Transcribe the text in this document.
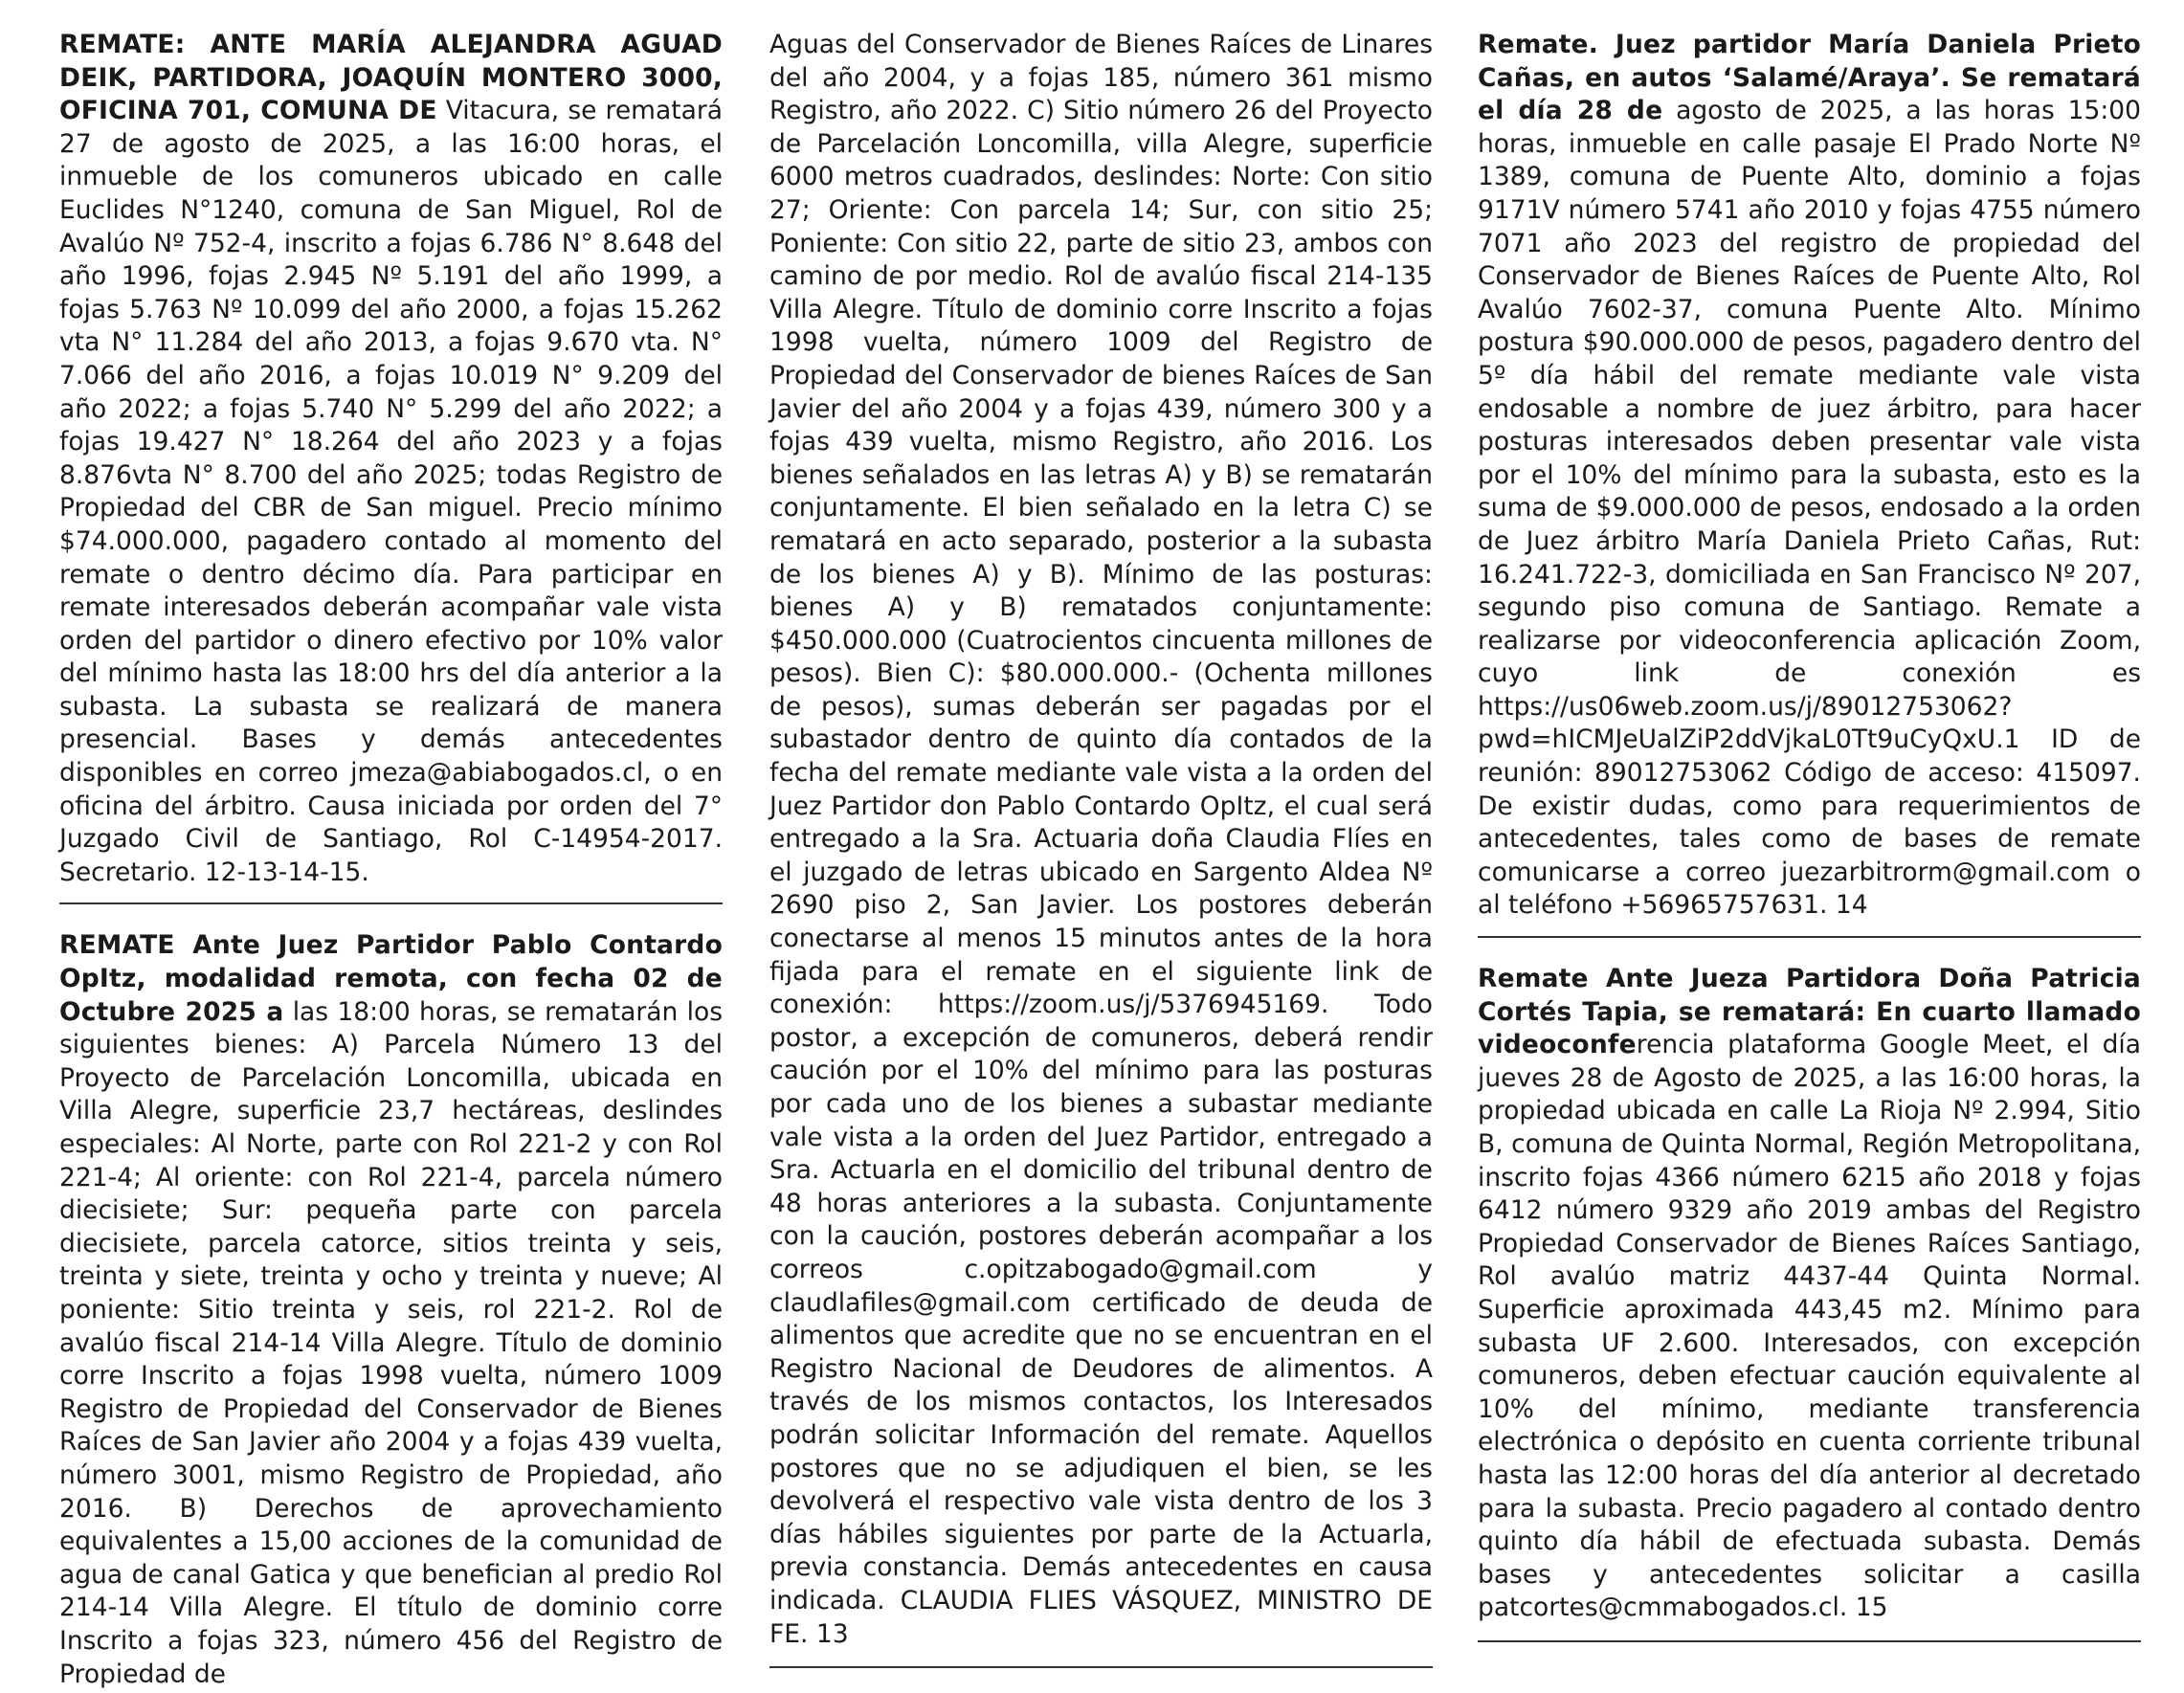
REMATE: ANTE MARÍA ALEJANDRA AGUAD DEIK, PARTIDORA, JOAQUÍN MONTERO 3000, OFICINA 701, COMUNA DE Vitacura, se rematará 27 de agosto de 2025, a las 16:00 horas, el inmueble de los comuneros ubicado en calle Euclides N°1240, comuna de San Miguel, Rol de Avalúo Nº 752-4, inscrito a fojas 6.786 N° 8.648 del año 1996, fojas 2.945 Nº 5.191 del año 1999, a fojas 5.763 Nº 10.099 del año 2000, a fojas 15.262 vta N° 11.284 del año 2013, a fojas 9.670 vta. N° 7.066 del año 2016, a fojas 10.019 N° 9.209 del año 2022; a fojas 5.740 N° 5.299 del año 2022; a fojas 19.427 N° 18.264 del año 2023 y a fojas 8.876vta N° 8.700 del año 2025; todas Registro de Propiedad del CBR de San miguel. Precio mínimo $74.000.000, pagadero contado al momento del remate o dentro décimo día. Para participar en remate interesados deberán acompañar vale vista orden del partidor o dinero efectivo por 10% valor del mínimo hasta las 18:00 hrs del día anterior a la subasta. La subasta se realizará de manera presencial. Bases y demás antecedentes disponibles en correo jmeza@abiabogados.cl, o en oficina del árbitro. Causa iniciada por orden del 7° Juzgado Civil de Santiago, Rol C-14954-2017. Secretario. 12-13-14-15.

REMATE Ante Juez Partidor Pablo Contardo OpItz, modalidad remota, con fecha 02 de Octubre 2025 a las 18:00 horas, se rematarán los siguientes bienes: A) Parcela Número 13 del Proyecto de Parcelación Loncomilla, ubicada en Villa Alegre, superficie 23,7 hectáreas, deslindes especiales: Al Norte, parte con Rol 221-2 y con Rol 221-4; Al oriente: con Rol 221-4, parcela número diecisiete; Sur: pequeña parte con parcela diecisiete, parcela catorce, sitios treinta y seis, treinta y siete, treinta y ocho y treinta y nueve; Al poniente: Sitio treinta y seis, rol 221-2. Rol de avalúo fiscal 214-14 Villa Alegre. Título de dominio corre Inscrito a fojas 1998 vuelta, número 1009 Registro de Propiedad del Conservador de Bienes Raíces de San Javier año 2004 y a fojas 439 vuelta, número 3001, mismo Registro de Propiedad, año 2016. B) Derechos de aprovechamiento equivalentes a 15,00 acciones de la comunidad de agua de canal Gatica y que benefician al predio Rol 214-14 Villa Alegre. El título de dominio corre Inscrito a fojas 323, número 456 del Registro de Propiedad de

Aguas del Conservador de Bienes Raíces de Linares del año 2004, y a fojas 185, número 361 mismo Registro, año 2022. C) Sitio número 26 del Proyecto de Parcelación Loncomilla, villa Alegre, superficie 6000 metros cuadrados, deslindes: Norte: Con sitio 27; Oriente: Con parcela 14; Sur, con sitio 25; Poniente: Con sitio 22, parte de sitio 23, ambos con camino de por medio. Rol de avalúo fiscal 214-135 Villa Alegre. Título de dominio corre Inscrito a fojas 1998 vuelta, número 1009 del Registro de Propiedad del Conservador de bienes Raíces de San Javier del año 2004 y a fojas 439, número 300 y a fojas 439 vuelta, mismo Registro, año 2016. Los bienes señalados en las letras A) y B) se rematarán conjuntamente. El bien señalado en la letra C) se rematará en acto separado, posterior a la subasta de los bienes A) y B). Mínimo de las posturas: bienes A) y B) rematados conjuntamente: $450.000.000 (Cuatrocientos cincuenta millones de pesos). Bien C): $80.000.000.- (Ochenta millones de pesos), sumas deberán ser pagadas por el subastador dentro de quinto día contados de la fecha del remate mediante vale vista a la orden del Juez Partidor don Pablo Contardo OpItz, el cual será entregado a la Sra. Actuaria doña Claudia Flíes en el juzgado de letras ubicado en Sargento Aldea Nº 2690 piso 2, San Javier. Los postores deberán conectarse al menos 15 minutos antes de la hora fijada para el remate en el siguiente link de conexión: https://zoom.us/j/5376945169. Todo postor, a excepción de comuneros, deberá rendir caución por el 10% del mínimo para las posturas por cada uno de los bienes a subastar mediante vale vista a la orden del Juez Partidor, entregado a Sra. Actuarla en el domicilio del tribunal dentro de 48 horas anteriores a la subasta. Conjuntamente con la caución, postores deberán acompañar a los correos c.opitzabogado@gmail.com y claudlafiles@gmail.com certificado de deuda de alimentos que acredite que no se encuentran en el Registro Nacional de Deudores de alimentos. A través de los mismos contactos, los Interesados podrán solicitar Información del remate. Aquellos postores que no se adjudiquen el bien, se les devolverá el respectivo vale vista dentro de los 3 días hábiles siguientes por parte de la Actuarla, previa constancia. Demás antecedentes en causa indicada. CLAUDIA FLIES VÁSQUEZ, MINISTRO DE FE. 13

Remate. Juez partidor María Daniela Prieto Cañas, en autos ‘Salamé/Araya’. Se rematará el día 28 de agosto de 2025, a las horas 15:00 horas, inmueble en calle pasaje El Prado Norte Nº 1389, comuna de Puente Alto, dominio a fojas 9171V número 5741 año 2010 y fojas 4755 número 7071 año 2023 del registro de propiedad del Conservador de Bienes Raíces de Puente Alto, Rol Avalúo 7602-37, comuna Puente Alto. Mínimo postura $90.000.000 de pesos, pagadero dentro del 5º día hábil del remate mediante vale vista endosable a nombre de juez árbitro, para hacer posturas interesados deben presentar vale vista por el 10% del mínimo para la subasta, esto es la suma de $9.000.000 de pesos, endosado a la orden de Juez árbitro María Daniela Prieto Cañas, Rut: 16.241.722-3, domiciliada en San Francisco Nº 207, segundo piso comuna de Santiago. Remate a realizarse por videoconferencia aplicación Zoom, cuyo link de conexión es https://us06web.zoom.us/j/89012753062?pwd=hICMJeUalZiP2ddVjkaL0Tt9uCyQxU.1 ID de reunión: 89012753062 Código de acceso: 415097. De existir dudas, como para requerimientos de antecedentes, tales como de bases de remate comunicarse a correo juezarbitrorm@gmail.com o al teléfono +56965757631. 14

Remate Ante Jueza Partidora Doña Patricia Cortés Tapia, se rematará: En cuarto llamado videoconferencia plataforma Google Meet, el día jueves 28 de Agosto de 2025, a las 16:00 horas, la propiedad ubicada en calle La Rioja Nº 2.994, Sitio B, comuna de Quinta Normal, Región Metropolitana, inscrito fojas 4366 número 6215 año 2018 y fojas 6412 número 9329 año 2019 ambas del Registro Propiedad Conservador de Bienes Raíces Santiago, Rol avalúo matriz 4437-44 Quinta Normal. Superficie aproximada 443,45 m2. Mínimo para subasta UF 2.600. Interesados, con excepción comuneros, deben efectuar caución equivalente al 10% del mínimo, mediante transferencia electrónica o depósito en cuenta corriente tribunal hasta las 12:00 horas del día anterior al decretado para la subasta. Precio pagadero al contado dentro quinto día hábil de efectuada subasta. Demás bases y antecedentes solicitar a casilla patcortes@cmmabogados.cl. 15
